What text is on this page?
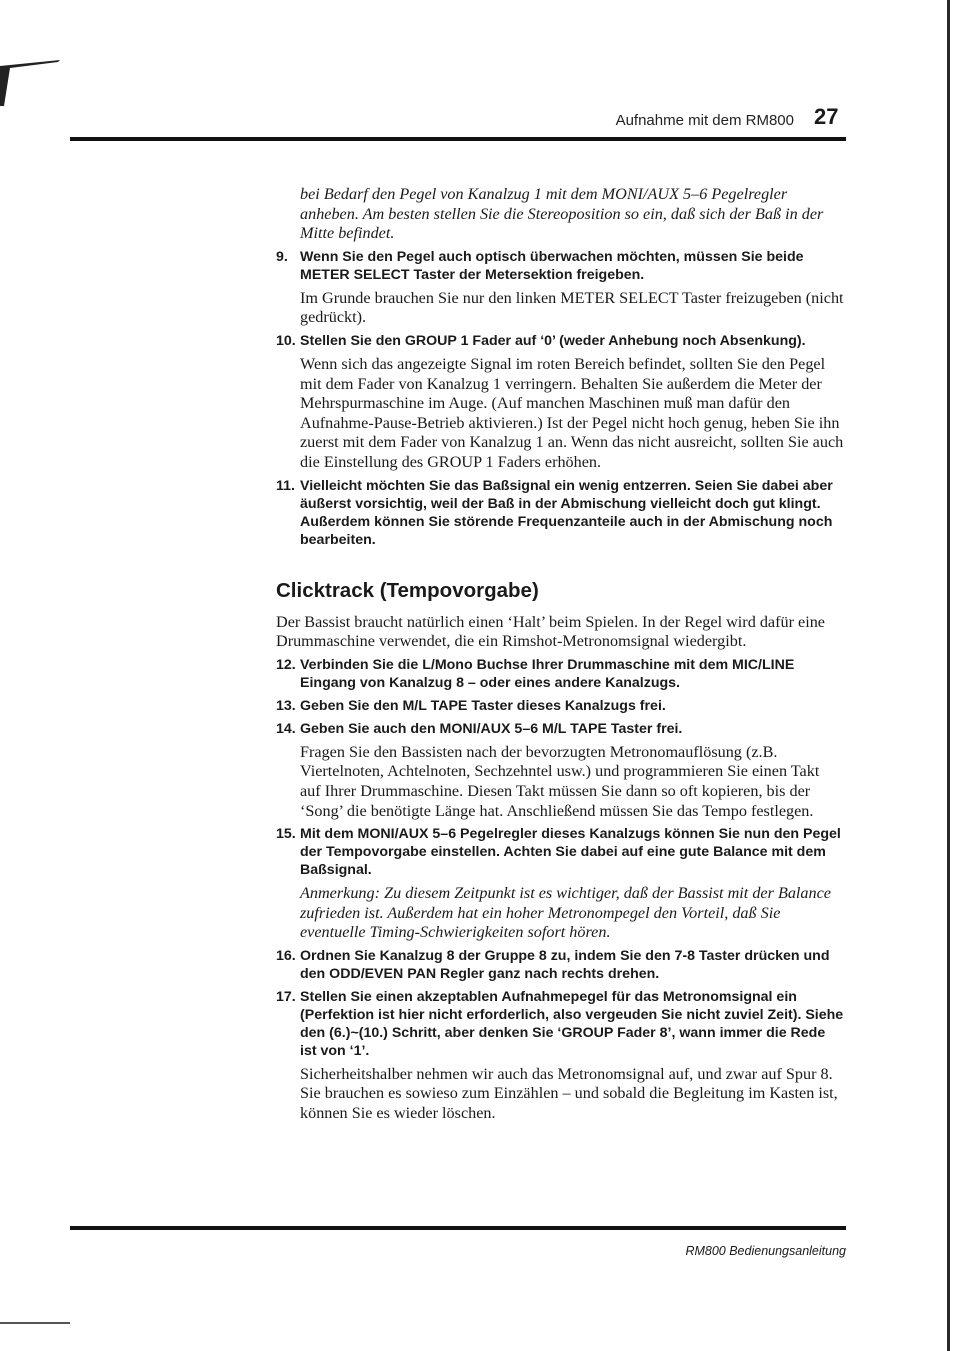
Aufnahme mit dem RM800 27

bei Bedarf den Pegel von Kanalzug 1 mit dem MONI/AUX 5–6 Pegelregler anheben. Am besten stellen Sie die Stereoposition so ein, daß sich der Baß in der Mitte befindet.

9. Wenn Sie den Pegel auch optisch überwachen möchten, müssen Sie beide METER SELECT Taster der Metersektion freigeben.

Im Grunde brauchen Sie nur den linken METER SELECT Taster freizugeben (nicht gedrückt).

10. Stellen Sie den GROUP 1 Fader auf ‘0’ (weder Anhebung noch Absenkung).

Wenn sich das angezeigte Signal im roten Bereich befindet, sollten Sie den Pegel mit dem Fader von Kanalzug 1 verringern. Behalten Sie außerdem die Meter der Mehrspurmaschine im Auge. (Auf manchen Maschinen muß man dafür den Aufnahme-Pause-Betrieb aktivieren.) Ist der Pegel nicht hoch genug, heben Sie ihn zuerst mit dem Fader von Kanalzug 1 an. Wenn das nicht ausreicht, sollten Sie auch die Einstellung des GROUP 1 Faders erhöhen.

11. Vielleicht möchten Sie das Baßsignal ein wenig entzerren. Seien Sie dabei aber äußerst vorsichtig, weil der Baß in der Abmischung vielleicht doch gut klingt. Außerdem können Sie störende Frequenzanteile auch in der Abmischung noch bearbeiten.

Clicktrack (Tempovorgabe)

Der Bassist braucht natürlich einen ‘Halt’ beim Spielen. In der Regel wird dafür eine Drummaschine verwendet, die ein Rimshot-Metronomsignal wiedergibt.

12. Verbinden Sie die L/Mono Buchse Ihrer Drummaschine mit dem MIC/LINE Eingang von Kanalzug 8 – oder eines andere Kanalzugs.

13. Geben Sie den M/L TAPE Taster dieses Kanalzugs frei.

14. Geben Sie auch den MONI/AUX 5–6 M/L TAPE Taster frei.

Fragen Sie den Bassisten nach der bevorzugten Metronomauflösung (z.B. Viertelnoten, Achtelnoten, Sechzehntel usw.) und programmieren Sie einen Takt auf Ihrer Drummaschine. Diesen Takt müssen Sie dann so oft kopieren, bis der ‘Song’ die benötigte Länge hat. Anschließend müssen Sie das Tempo festlegen.

15. Mit dem MONI/AUX 5–6 Pegelregler dieses Kanalzugs können Sie nun den Pegel der Tempovorgabe einstellen. Achten Sie dabei auf eine gute Balance mit dem Baßsignal.

Anmerkung: Zu diesem Zeitpunkt ist es wichtiger, daß der Bassist mit der Balance zufrieden ist. Außerdem hat ein hoher Metronompegel den Vorteil, daß Sie eventuelle Timing-Schwierigkeiten sofort hören.

16. Ordnen Sie Kanalzug 8 der Gruppe 8 zu, indem Sie den 7-8 Taster drücken und den ODD/EVEN PAN Regler ganz nach rechts drehen.

17. Stellen Sie einen akzeptablen Aufnahmepegel für das Metronomsignal ein (Perfektion ist hier nicht erforderlich, also vergeuden Sie nicht zuviel Zeit). Siehe den (6.)~(10.) Schritt, aber denken Sie ‘GROUP Fader 8’, wann immer die Rede ist von ‘1’.

Sicherheitshalber nehmen wir auch das Metronomsignal auf, und zwar auf Spur 8. Sie brauchen es sowieso zum Einzählen – und sobald die Begleitung im Kasten ist, können Sie es wieder löschen.

RM800 Bedienungsanleitung
